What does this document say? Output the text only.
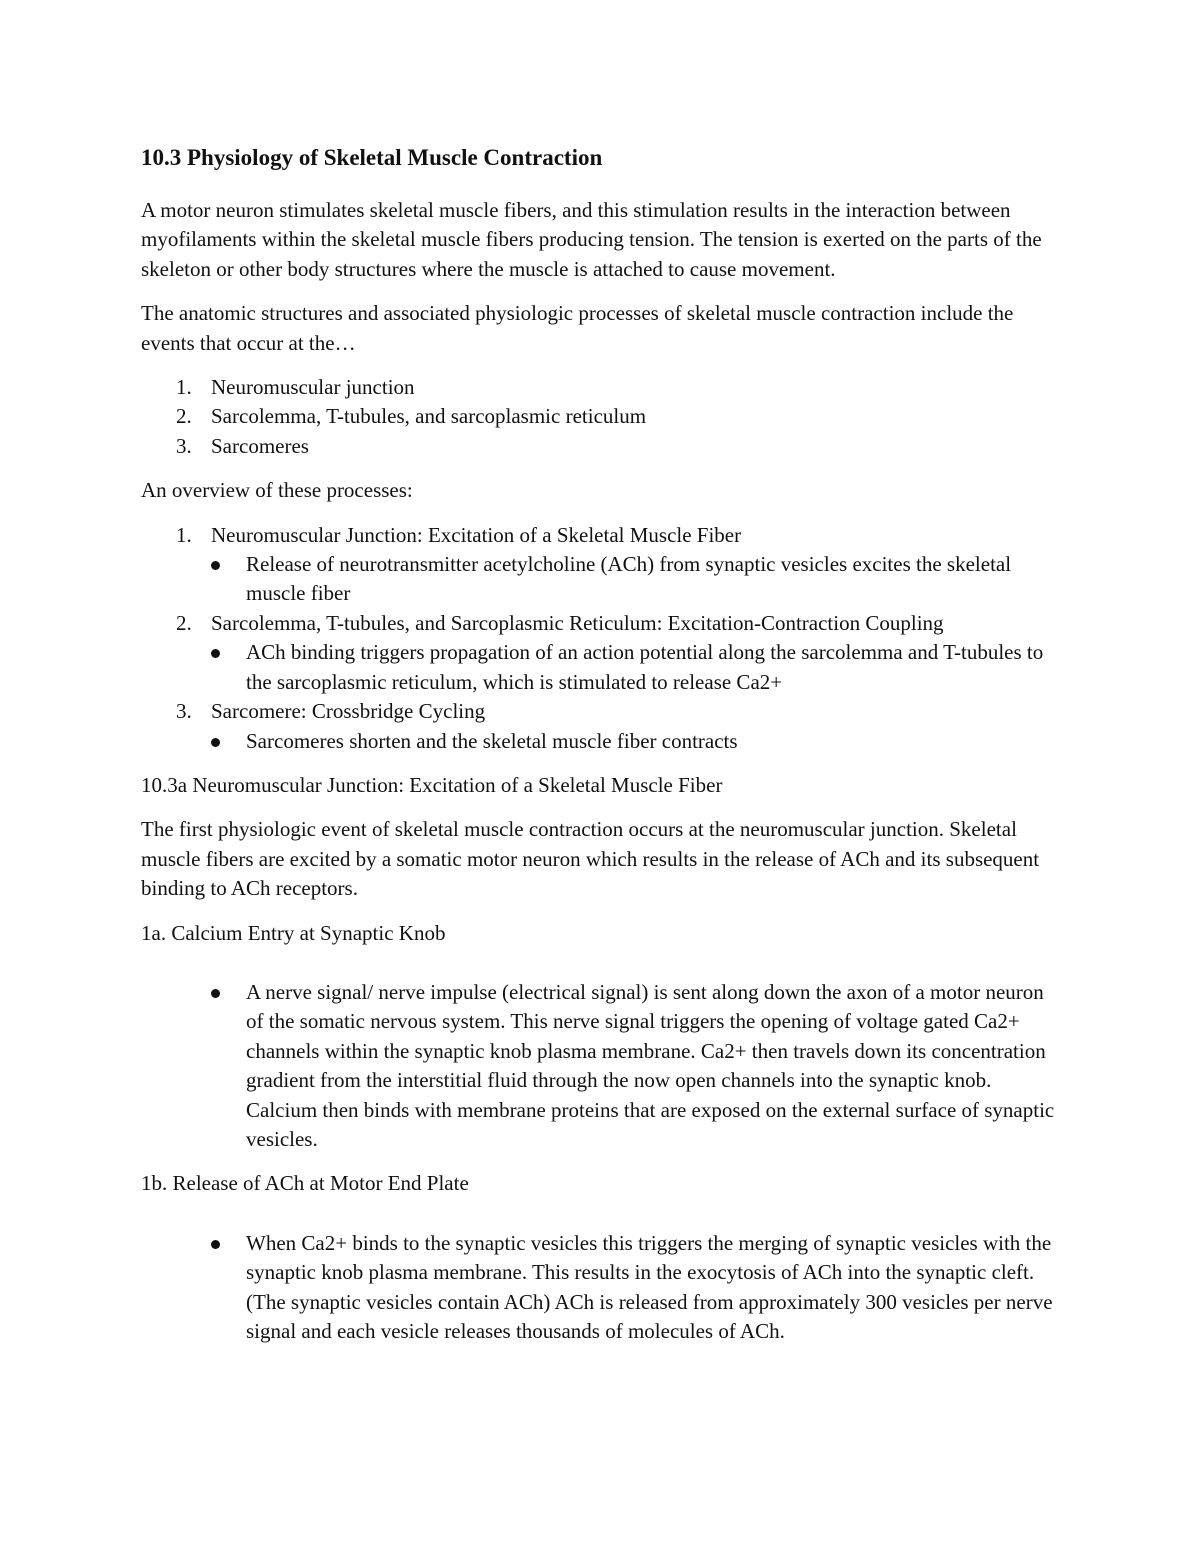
10.3 Physiology of Skeletal Muscle Contraction

A motor neuron stimulates skeletal muscle fibers, and this stimulation results in the interaction between myofilaments within the skeletal muscle fibers producing tension. The tension is exerted on the parts of the skeleton or other body structures where the muscle is attached to cause movement.

The anatomic structures and associated physiologic processes of skeletal muscle contraction include the events that occur at the…

1. Neuromuscular junction
2. Sarcolemma, T-tubules, and sarcoplasmic reticulum
3. Sarcomeres

An overview of these processes:

1. Neuromuscular Junction: Excitation of a Skeletal Muscle Fiber
Release of neurotransmitter acetylcholine (ACh) from synaptic vesicles excites the skeletal muscle fiber
2. Sarcolemma, T-tubules, and Sarcoplasmic Reticulum: Excitation-Contraction Coupling
ACh binding triggers propagation of an action potential along the sarcolemma and T-tubules to the sarcoplasmic reticulum, which is stimulated to release Ca2+
3. Sarcomere: Crossbridge Cycling
Sarcomeres shorten and the skeletal muscle fiber contracts

10.3a Neuromuscular Junction: Excitation of a Skeletal Muscle Fiber

The first physiologic event of skeletal muscle contraction occurs at the neuromuscular junction. Skeletal muscle fibers are excited by a somatic motor neuron which results in the release of ACh and its subsequent binding to ACh receptors.

1a. Calcium Entry at Synaptic Knob

A nerve signal/ nerve impulse (electrical signal) is sent along down the axon of a motor neuron of the somatic nervous system. This nerve signal triggers the opening of voltage gated Ca2+ channels within the synaptic knob plasma membrane. Ca2+ then travels down its concentration gradient from the interstitial fluid through the now open channels into the synaptic knob. Calcium then binds with membrane proteins that are exposed on the external surface of synaptic vesicles.

1b. Release of ACh at Motor End Plate

When Ca2+ binds to the synaptic vesicles this triggers the merging of synaptic vesicles with the synaptic knob plasma membrane. This results in the exocytosis of ACh into the synaptic cleft. (The synaptic vesicles contain ACh) ACh is released from approximately 300 vesicles per nerve signal and each vesicle releases thousands of molecules of ACh.
